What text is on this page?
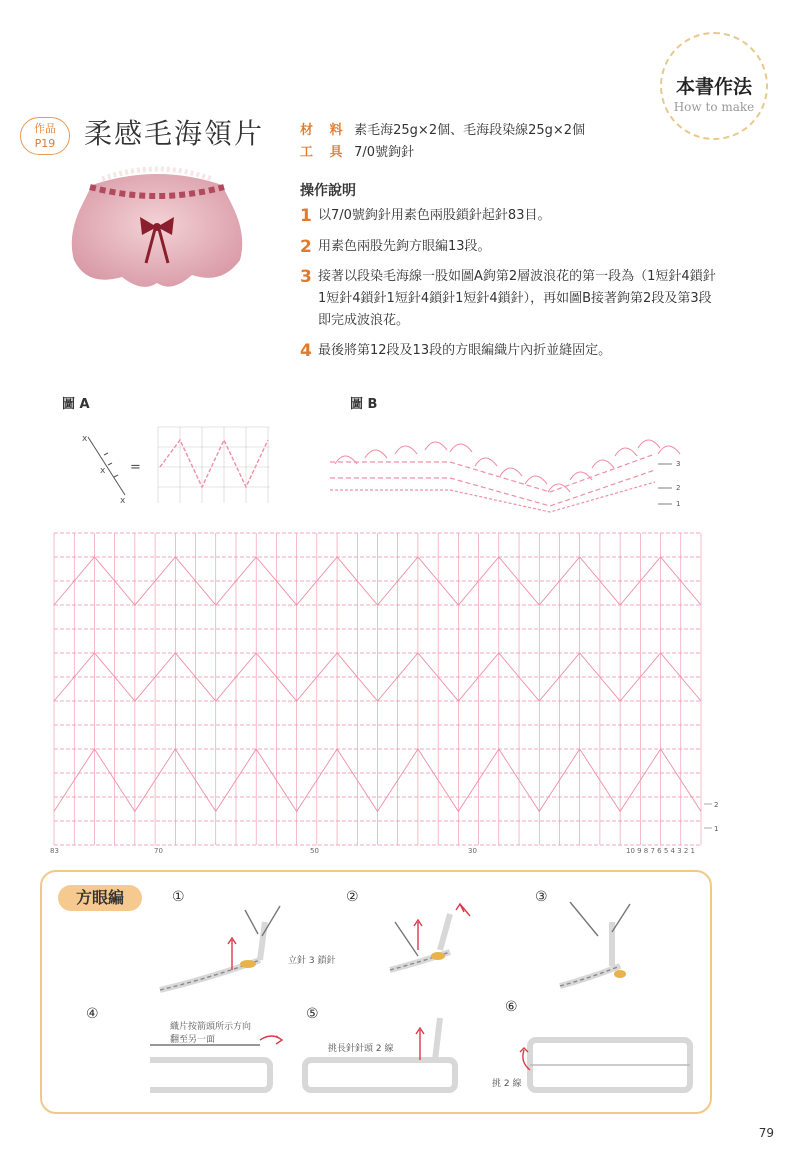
本書作法
How to make
作品
P19	柔感毛海領片	材 料 素毛海25g×2個、毛海段染線25g×2個
工 具 7/0號鉤針
操作說明
1 以7/0號鉤針用素色兩股鎖針起針83目。
2 用素色兩股先鉤方眼編13段。
3 接著以段染毛海線一股如圖A鉤第2層波浪花的第一段為（1短針4鎖針1短針4鎖針1短針4鎖針1短針4鎖針），再如圖B接著鉤第2段及第3段即完成波浪花。
4 最後將第12段及13段的方眼編織片內折並縫固定。
圖 A
x
x
x
=
圖 B
3
2
1
2
1
83	70	50	30	10 9 8 7 6 5 4 3 2 1
方眼編	①	②	③
④	⑤	⑥
立針 3 鎖針
織片按箭頭所示方向
翻至另一面
挑長針針頭 2 線
挑 2 線
79
